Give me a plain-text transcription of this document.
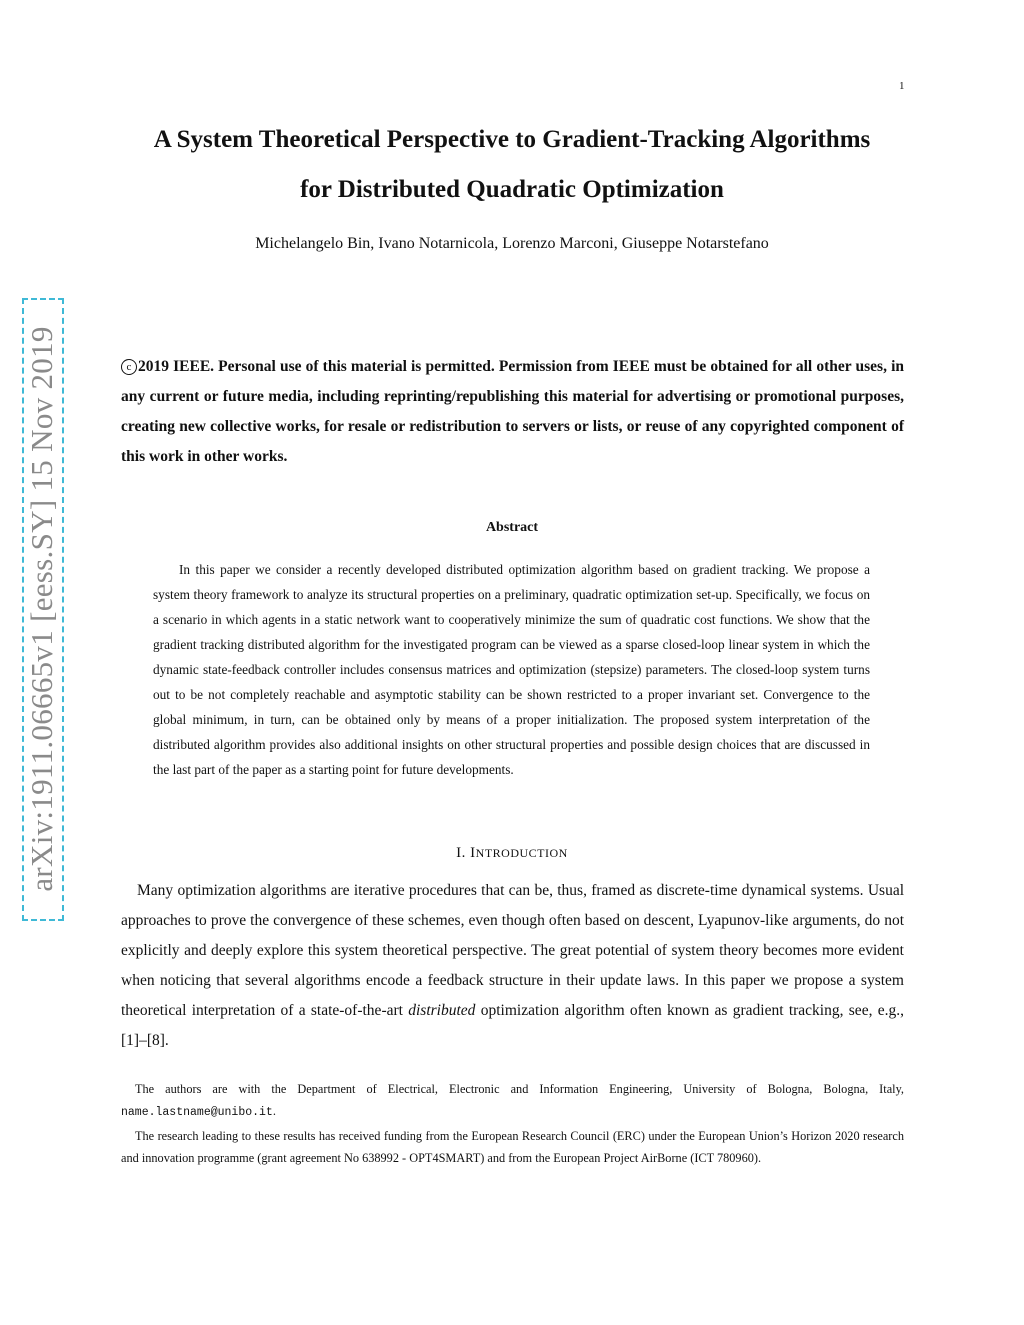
1
arXiv:1911.06665v1 [eess.SY] 15 Nov 2019
A System Theoretical Perspective to Gradient-Tracking Algorithms
for Distributed Quadratic Optimization
Michelangelo Bin, Ivano Notarnicola, Lorenzo Marconi, Giuseppe Notarstefano
c 2019 IEEE. Personal use of this material is permitted. Permission from IEEE must be obtained for all other uses, in any current or future media, including reprinting/republishing this material for advertising or promotional purposes, creating new collective works, for resale or redistribution to servers or lists, or reuse of any copyrighted component of this work in other works.
Abstract
In this paper we consider a recently developed distributed optimization algorithm based on gradient tracking. We propose a system theory framework to analyze its structural properties on a preliminary, quadratic optimization set-up. Specifically, we focus on a scenario in which agents in a static network want to cooperatively minimize the sum of quadratic cost functions. We show that the gradient tracking distributed algorithm for the investigated program can be viewed as a sparse closed-loop linear system in which the dynamic state-feedback controller includes consensus matrices and optimization (stepsize) parameters. The closed-loop system turns out to be not completely reachable and asymptotic stability can be shown restricted to a proper invariant set. Convergence to the global minimum, in turn, can be obtained only by means of a proper initialization. The proposed system interpretation of the distributed algorithm provides also additional insights on other structural properties and possible design choices that are discussed in the last part of the paper as a starting point for future developments.
I. INTRODUCTION
Many optimization algorithms are iterative procedures that can be, thus, framed as discrete-time dynamical systems. Usual approaches to prove the convergence of these schemes, even though often based on descent, Lyapunov-like arguments, do not explicitly and deeply explore this system theoretical perspective. The great potential of system theory becomes more evident when noticing that several algorithms encode a feedback structure in their update laws. In this paper we propose a system theoretical interpretation of a state-of-the-art distributed optimization algorithm often known as gradient tracking, see, e.g., [1]–[8].

The authors are with the Department of Electrical, Electronic and Information Engineering, University of Bologna, Bologna, Italy, name.lastname@unibo.it.

The research leading to these results has received funding from the European Research Council (ERC) under the European Union’s Horizon 2020 research and innovation programme (grant agreement No 638992 - OPT4SMART) and from the European Project AirBorne (ICT 780960).
